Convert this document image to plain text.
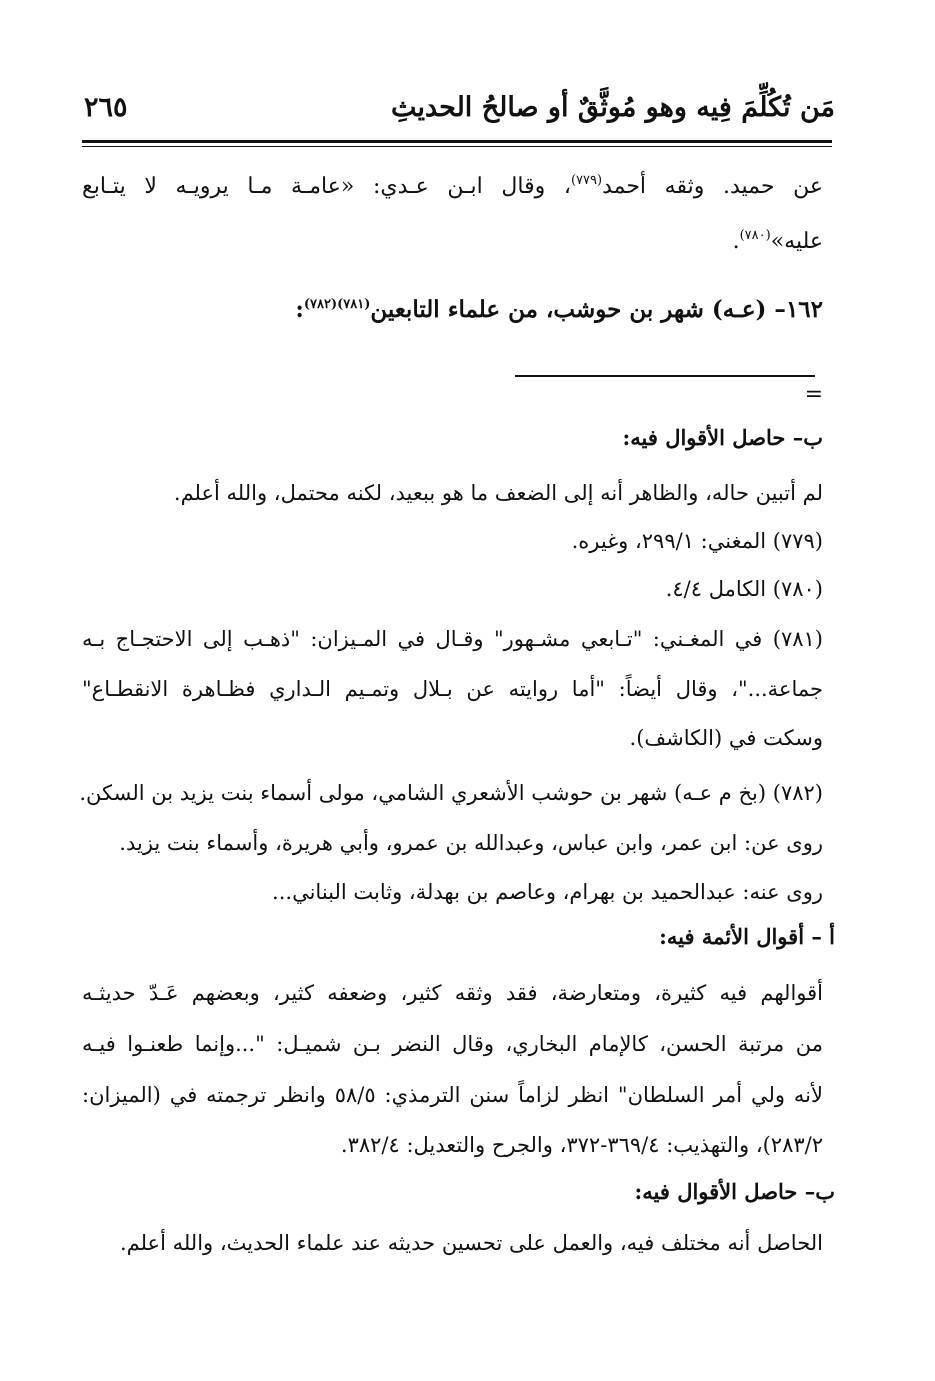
مَن تُكُلِّمَ فِيه وهو مُوثَّقٌ أو صالحُ الحديثِ
٢٦٥
عن حميد. وثقه أحمد$^{(٧٧٩)}$، وقال ابـن عـدي: «عامـة مـا يرويـه لا يتـابع
عليه»$^{(٧٨٠)}$.
١٦٢– (عـه) شهر بن حوشب، من علماء التابعين$^{(٧٨١)(٧٨٢)}$:
=
ب– حاصل الأقوال فيه:
لم أتبين حاله، والظاهر أنه إلى الضعف ما هو ببعيد، لكنه محتمل، والله أعلم.
(٧٧٩) المغني: ٢٩٩/١، وغيره.
(٧٨٠) الكامل ٤/٤.
(٧٨١) في المغـني: "تـابعي مشـهور" وقـال في المـيزان: "ذهـب إلى الاحتجـاج بـه
جماعة..."، وقال أيضاً: "أما روايته عن بـلال وتمـيم الـداري فظـاهرة الانقطـاع"
وسكت في (الكاشف).
(٧٨٢) (بخ م عـه) شهر بن حوشب الأشعري الشامي، مولى أسماء بنت يزيد بن السكن.
روى عن: ابن عمر، وابن عباس، وعبدالله بن عمرو، وأبي هريرة، وأسماء بنت يزيد.
روى عنه: عبدالحميد بن بهرام، وعاصم بن بهدلة، وثابت البناني...
أ – أقوال الأئمة فيه:
أقوالهم فيه كثيرة، ومتعارضة، فقد وثقه كثير، وضعفه كثير، وبعضهم عَـدّ حديثـه
من مرتبة الحسن، كالإمام البخاري، وقال النضر بـن شميـل: "...وإنما طعنـوا فيـه
لأنه ولي أمر السلطان" انظر لزاماً سنن الترمذي: ٥٨/٥ وانظر ترجمته في (الميزان:
٢٨٣/٢)، والتهذيب: ٣٦٩/٤-٣٧٢، والجرح والتعديل: ٣٨٢/٤.
ب– حاصل الأقوال فيه:
الحاصل أنه مختلف فيه، والعمل على تحسين حديثه عند علماء الحديث، والله أعلم.
